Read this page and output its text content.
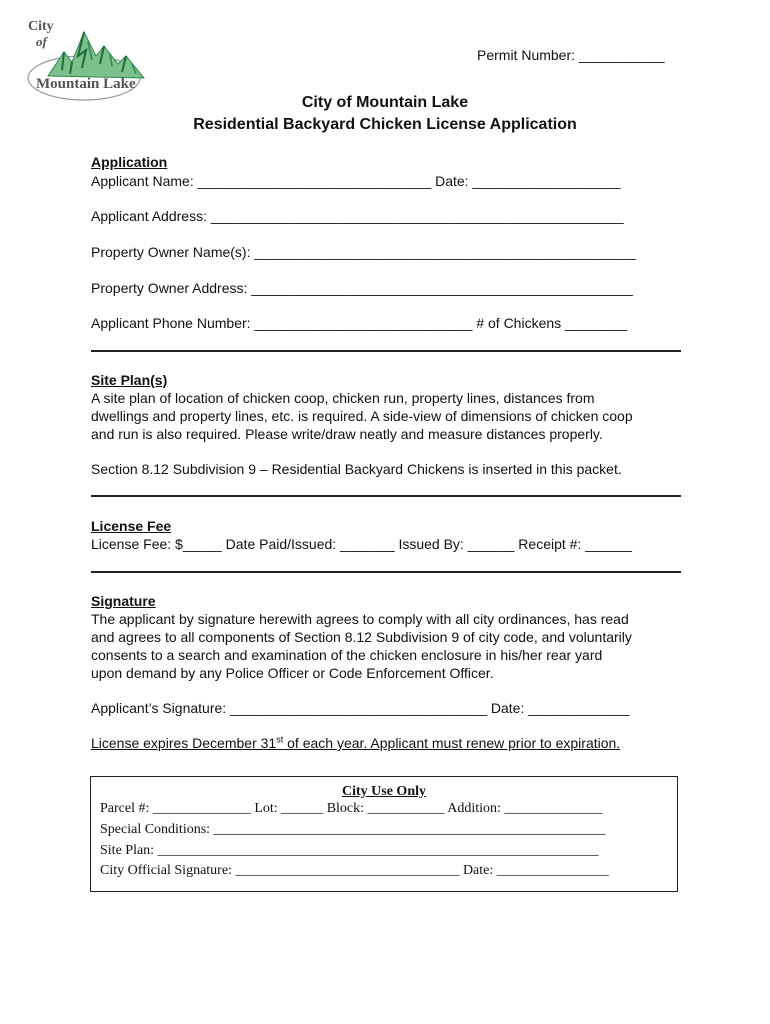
City
of
Mountain Lake
Permit Number: ___________
City of Mountain Lake
Residential Backyard Chicken License Application
Application
Applicant Name: ______________________________ Date: ___________________
Applicant Address: _____________________________________________________
Property Owner Name(s): _________________________________________________
Property Owner Address: _________________________________________________
Applicant Phone Number: ____________________________ # of Chickens ________
Site Plan(s)
A site plan of location of chicken coop, chicken run, property lines, distances from
dwellings and property lines, etc. is required. A side-view of dimensions of chicken coop
and run is also required. Please write/draw neatly and measure distances properly.
Section 8.12 Subdivision 9 – Residential Backyard Chickens is inserted in this packet.
License Fee
License Fee: $_____ Date Paid/Issued: _______ Issued By: ______ Receipt #: ______
Signature
The applicant by signature herewith agrees to comply with all city ordinances, has read
and agrees to all components of Section 8.12 Subdivision 9 of city code, and voluntarily
consents to a search and examination of the chicken enclosure in his/her rear yard
upon demand by any Police Officer or Code Enforcement Officer.
Applicant’s Signature: _________________________________ Date: _____________
License expires December 31st of each year. Applicant must renew prior to expiration.
City Use Only
Parcel #: ______________ Lot: ______ Block: ___________ Addition: ______________
Special Conditions: ________________________________________________________
Site Plan: _______________________________________________________________
City Official Signature: ________________________________ Date: ________________
